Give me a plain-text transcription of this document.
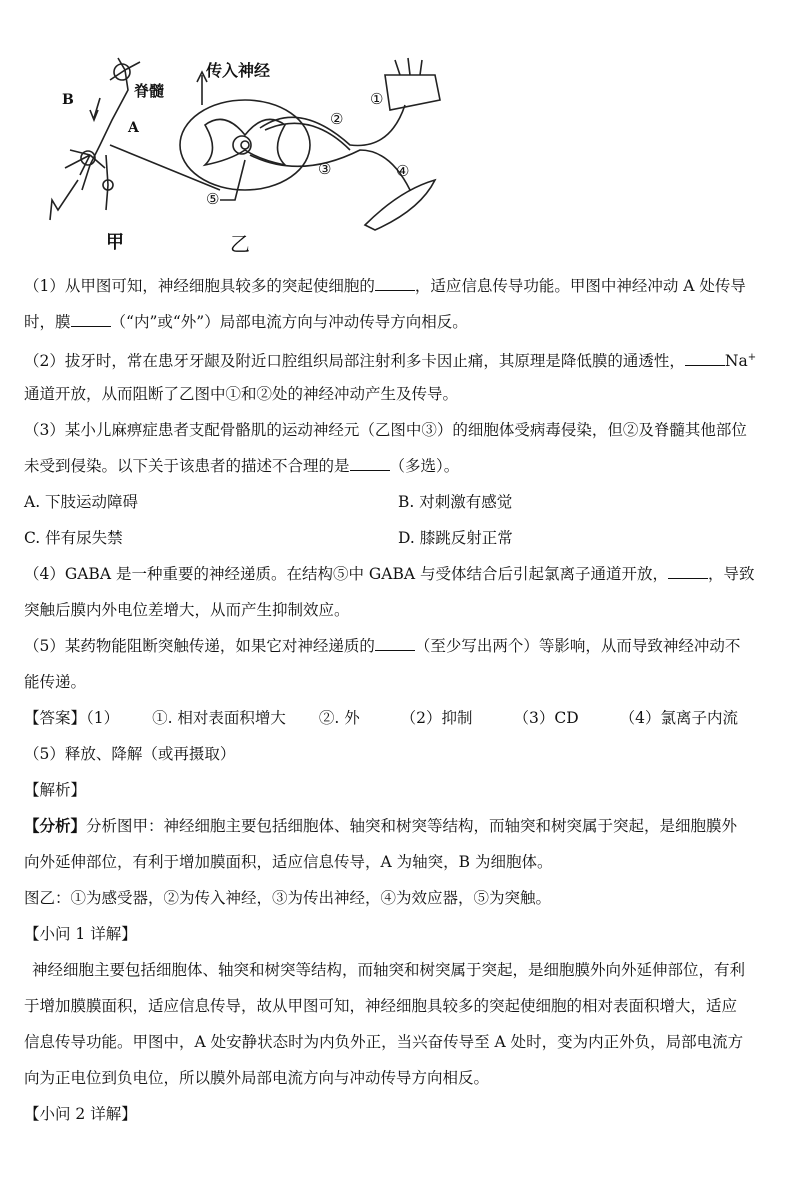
B
A
脊髓
传入神经
①
②
③	④
⑤
甲	乙
（1）从甲图可知，神经细胞具较多的突起使细胞的	，适应信息传导功能。甲图中神经冲动 A 处传导
时，膜	（“内”或“外”）局部电流方向与冲动传导方向相反。
（2）拔牙时，常在患牙牙龈及附近口腔组织局部注射利多卡因止痛，其原理是降低膜的通透性，	Na+
通道开放，从而阻断了乙图中①和②处的神经冲动产生及传导。
（3）某小儿麻痹症患者支配骨骼肌的运动神经元（乙图中③）的细胞体受病毒侵染，但②及脊髓其他部位
未受到侵染。以下关于该患者的描述不合理的是	（多选）。
A. 下肢运动障碍	B. 对刺激有感觉
C. 伴有尿失禁	D. 膝跳反射正常
（4）GABA 是一种重要的神经递质。在结构⑤中 GABA 与受体结合后引起氯离子通道开放，	，导致
突触后膜内外电位差增大，从而产生抑制效应。
（5）某药物能阻断突触传递，如果它对神经递质的	（至少写出两个）等影响，从而导致神经冲动不
能传递。
【答案】（1） ①. 相对表面积增大 ②. 外	（2）抑制	（3）CD	（4）氯离子内流
（5）释放、降解（或再摄取）
【解析】
【分析】分析图甲：神经细胞主要包括细胞体、轴突和树突等结构，而轴突和树突属于突起，是细胞膜外
向外延伸部位，有利于增加膜面积，适应信息传导，A 为轴突，B 为细胞体。
图乙：①为感受器，②为传入神经，③为传出神经，④为效应器，⑤为突触。
【小问 1 详解】
神经细胞主要包括细胞体、轴突和树突等结构，而轴突和树突属于突起，是细胞膜外向外延伸部位，有利
于增加膜膜面积，适应信息传导，故从甲图可知，神经细胞具较多的突起使细胞的相对表面积增大，适应
信息传导功能。甲图中，A 处安静状态时为内负外正，当兴奋传导至 A 处时，变为内正外负，局部电流方
向为正电位到负电位，所以膜外局部电流方向与冲动传导方向相反。
【小问 2 详解】
